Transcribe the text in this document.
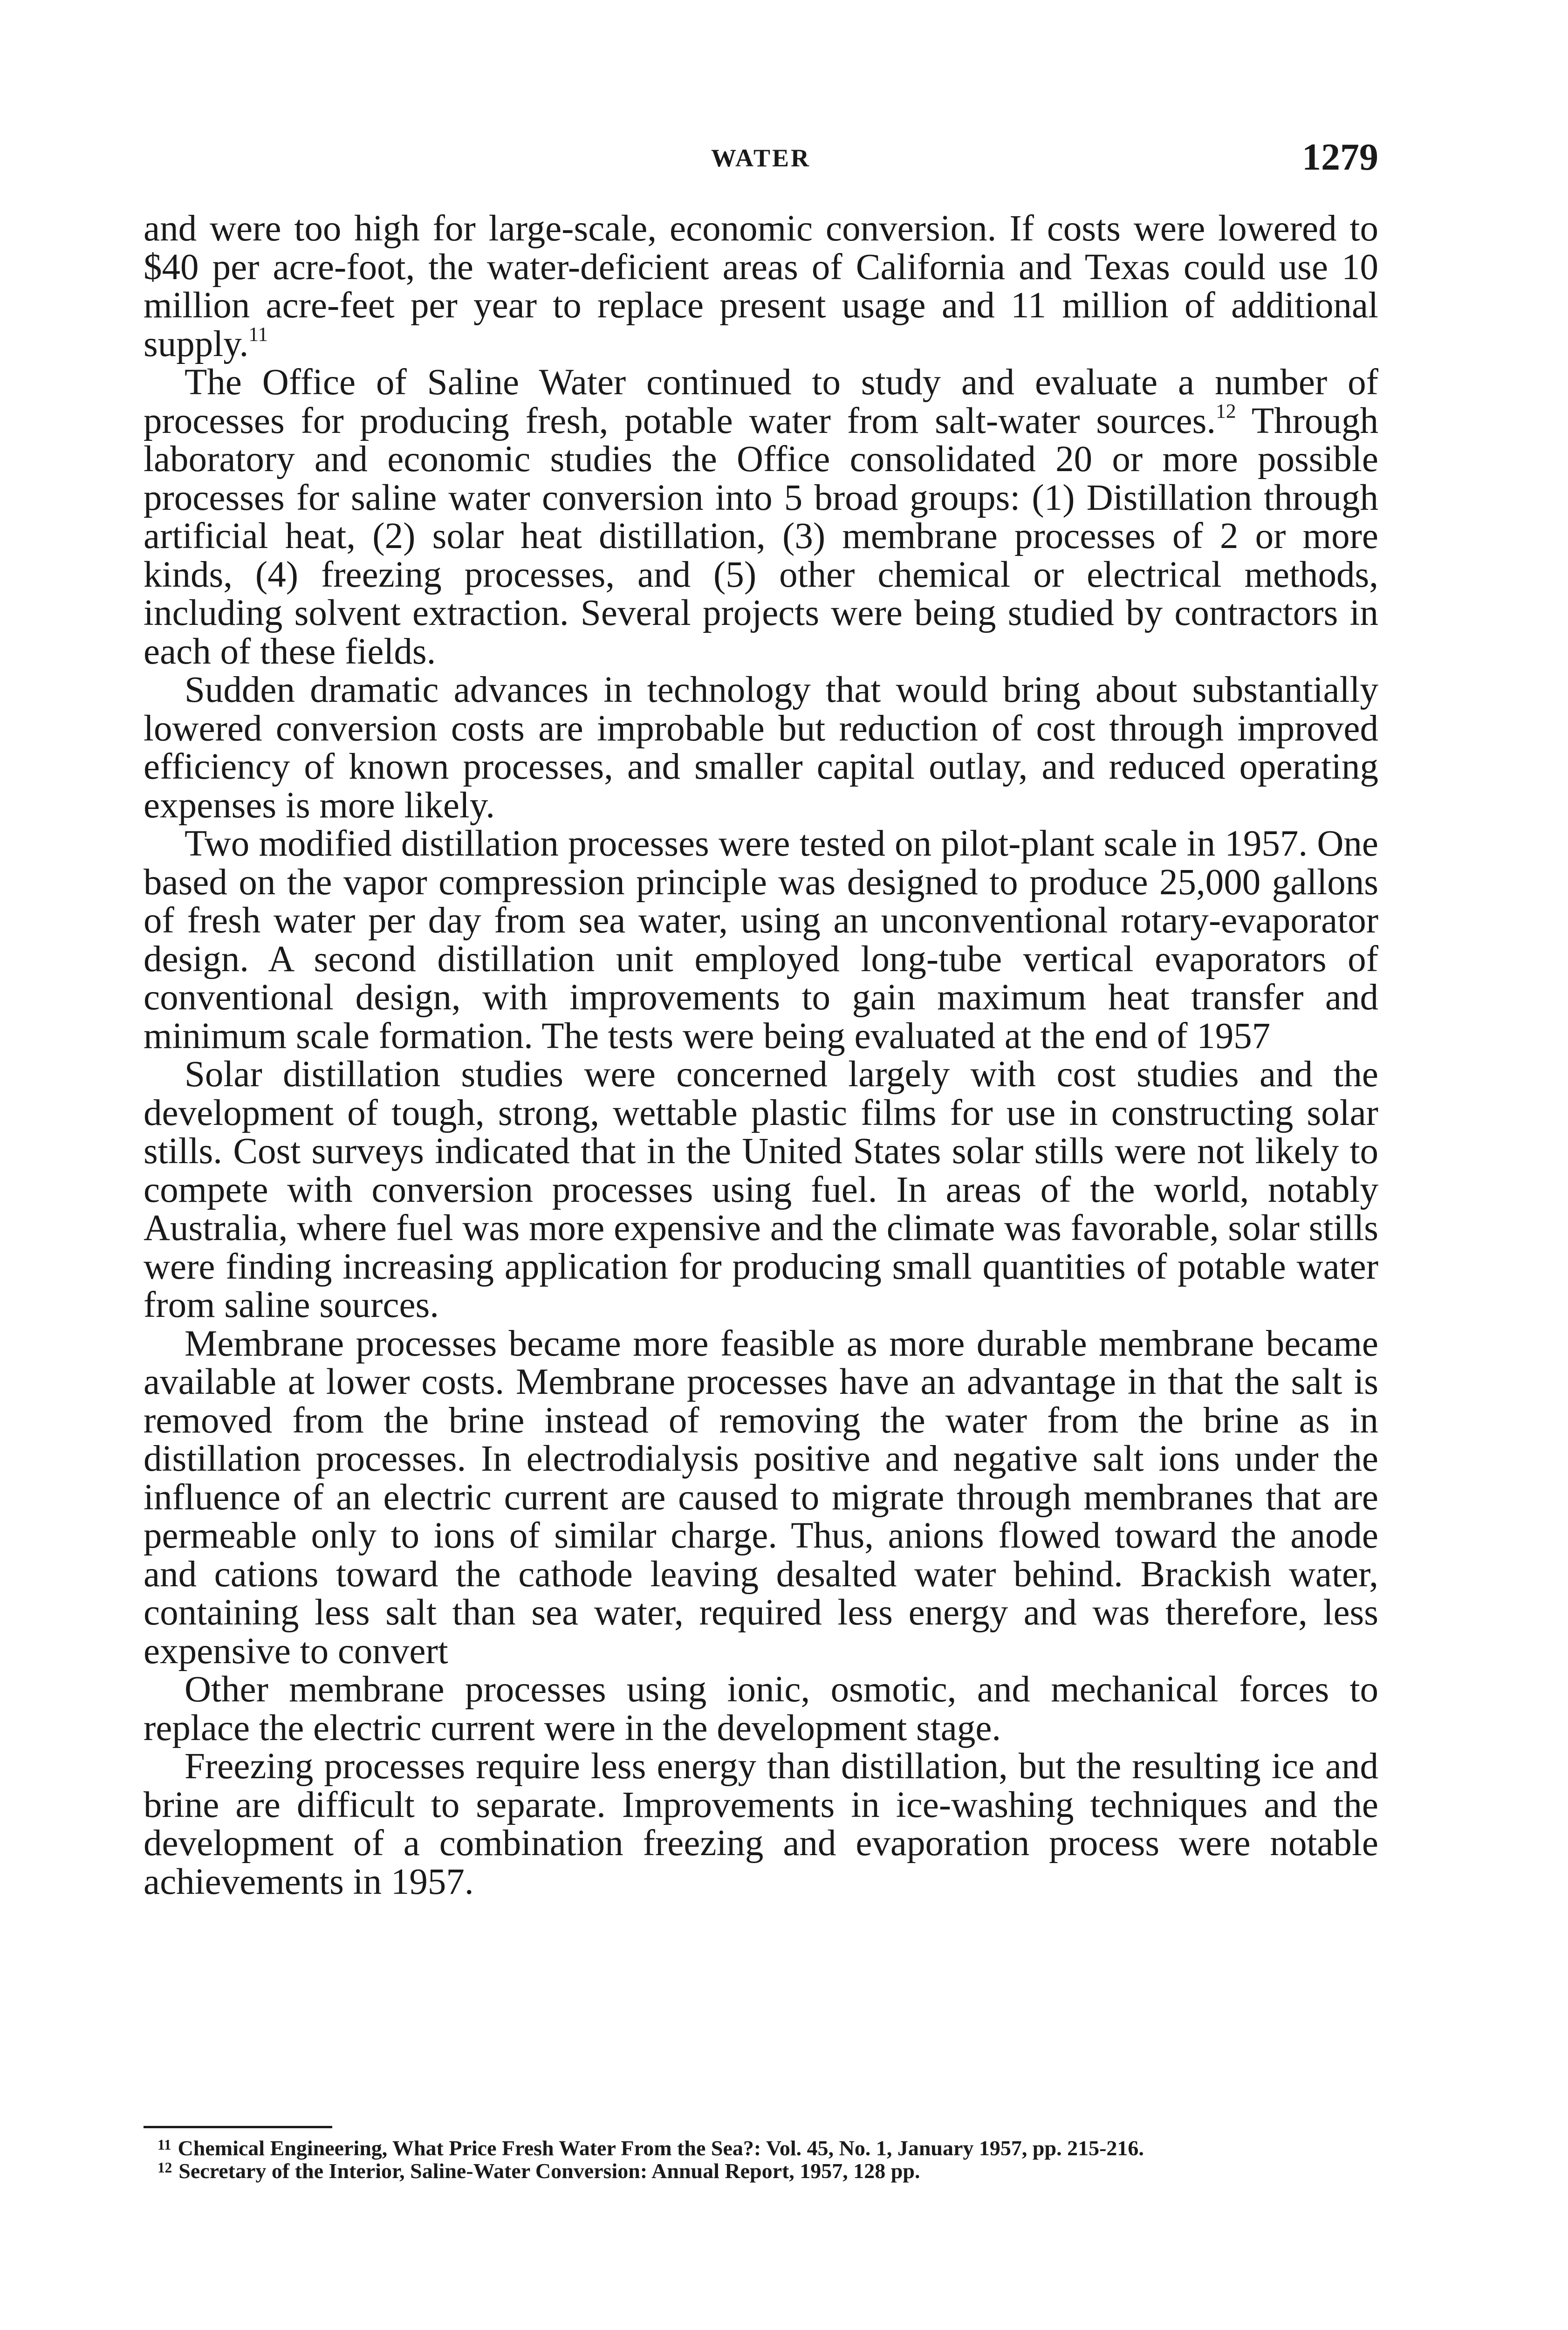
WATER	1279

and were too high for large-scale, economic conversion. If costs were lowered to $40 per acre-foot, the water-deficient areas of California and Texas could use 10 million acre-feet per year to replace present usage and 11 million of additional supply.$^{11}$

The Office of Saline Water continued to study and evaluate a number of processes for producing fresh, potable water from salt-water sources.$^{12}$ Through laboratory and economic studies the Office consolidated 20 or more possible processes for saline water conversion into 5 broad groups: (1) Distillation through artificial heat, (2) solar heat distillation, (3) membrane processes of 2 or more kinds, (4) freezing processes, and (5) other chemical or electrical methods, including solvent extraction. Several projects were being studied by contractors in each of these fields.

Sudden dramatic advances in technology that would bring about substantially lowered conversion costs are improbable but reduction of cost through improved efficiency of known processes, and smaller capital outlay, and reduced operating expenses is more likely.

Two modified distillation processes were tested on pilot-plant scale in 1957. One based on the vapor compression principle was designed to produce 25,000 gallons of fresh water per day from sea water, using an unconventional rotary-evaporator design. A second distillation unit employed long-tube vertical evaporators of conventional design, with improvements to gain maximum heat transfer and minimum scale formation. The tests were being evaluated at the end of 1957

Solar distillation studies were concerned largely with cost studies and the development of tough, strong, wettable plastic films for use in constructing solar stills. Cost surveys indicated that in the United States solar stills were not likely to compete with conversion processes using fuel. In areas of the world, notably Australia, where fuel was more expensive and the climate was favorable, solar stills were finding increasing application for producing small quantities of potable water from saline sources.

Membrane processes became more feasible as more durable membrane became available at lower costs. Membrane processes have an advantage in that the salt is removed from the brine instead of removing the water from the brine as in distillation processes. In electrodialysis positive and negative salt ions under the influence of an electric current are caused to migrate through membranes that are permeable only to ions of similar charge. Thus, anions flowed toward the anode and cations toward the cathode leaving desalted water behind. Brackish water, containing less salt than sea water, required less energy and was therefore, less expensive to convert

Other membrane processes using ionic, osmotic, and mechanical forces to replace the electric current were in the development stage.

Freezing processes require less energy than distillation, but the resulting ice and brine are difficult to separate. Improvements in ice-washing techniques and the development of a combination freezing and evaporation process were notable achievements in 1957.

$^{11}$ Chemical Engineering, What Price Fresh Water From the Sea?: Vol. 45, No. 1, January 1957, pp. 215-216.

$^{12}$ Secretary of the Interior, Saline-Water Conversion: Annual Report, 1957, 128 pp.
